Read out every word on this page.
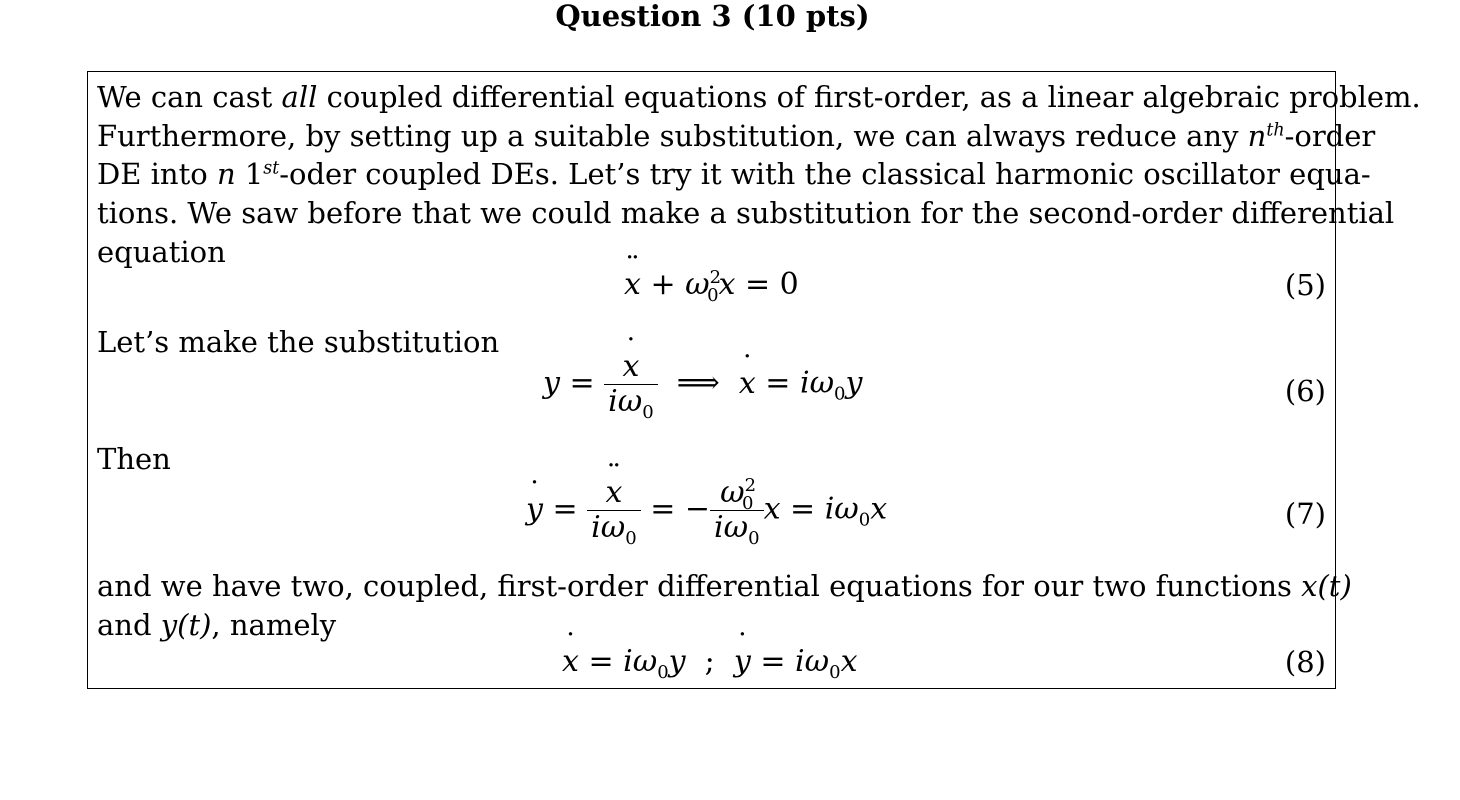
Question 3 (10 pts)
We can cast all coupled differential equations of first-order, as a linear algebraic problem.
Furthermore, by setting up a suitable substitution, we can always reduce any $n^{th}$-order
DE into n 1st-oder coupled DEs. Let’s try it with the classical harmonic oscillator equa-
tions. We saw before that we could make a substitution for the second-order differential
equation
x ¨ + $\omega^2_0x = 0$	(5)
Let’s make the substitution
$y = \frac{x ˙}{i\omega_0}$ ⟹  x ˙ = $i\omega_0y$	(6)
Then
y ˙ = $\frac{x ¨}{i\omega_0}$ = − $\frac{\omega^2_0}{i\omega_0}$ $x = i\omega_0x$	(7)
and we have two, coupled, first-order differential equations for our two functions x(t)
and y(t), namely
x ˙ = $i\omega_0y$  ;  y ˙ = $i\omega_0x$	(8)
